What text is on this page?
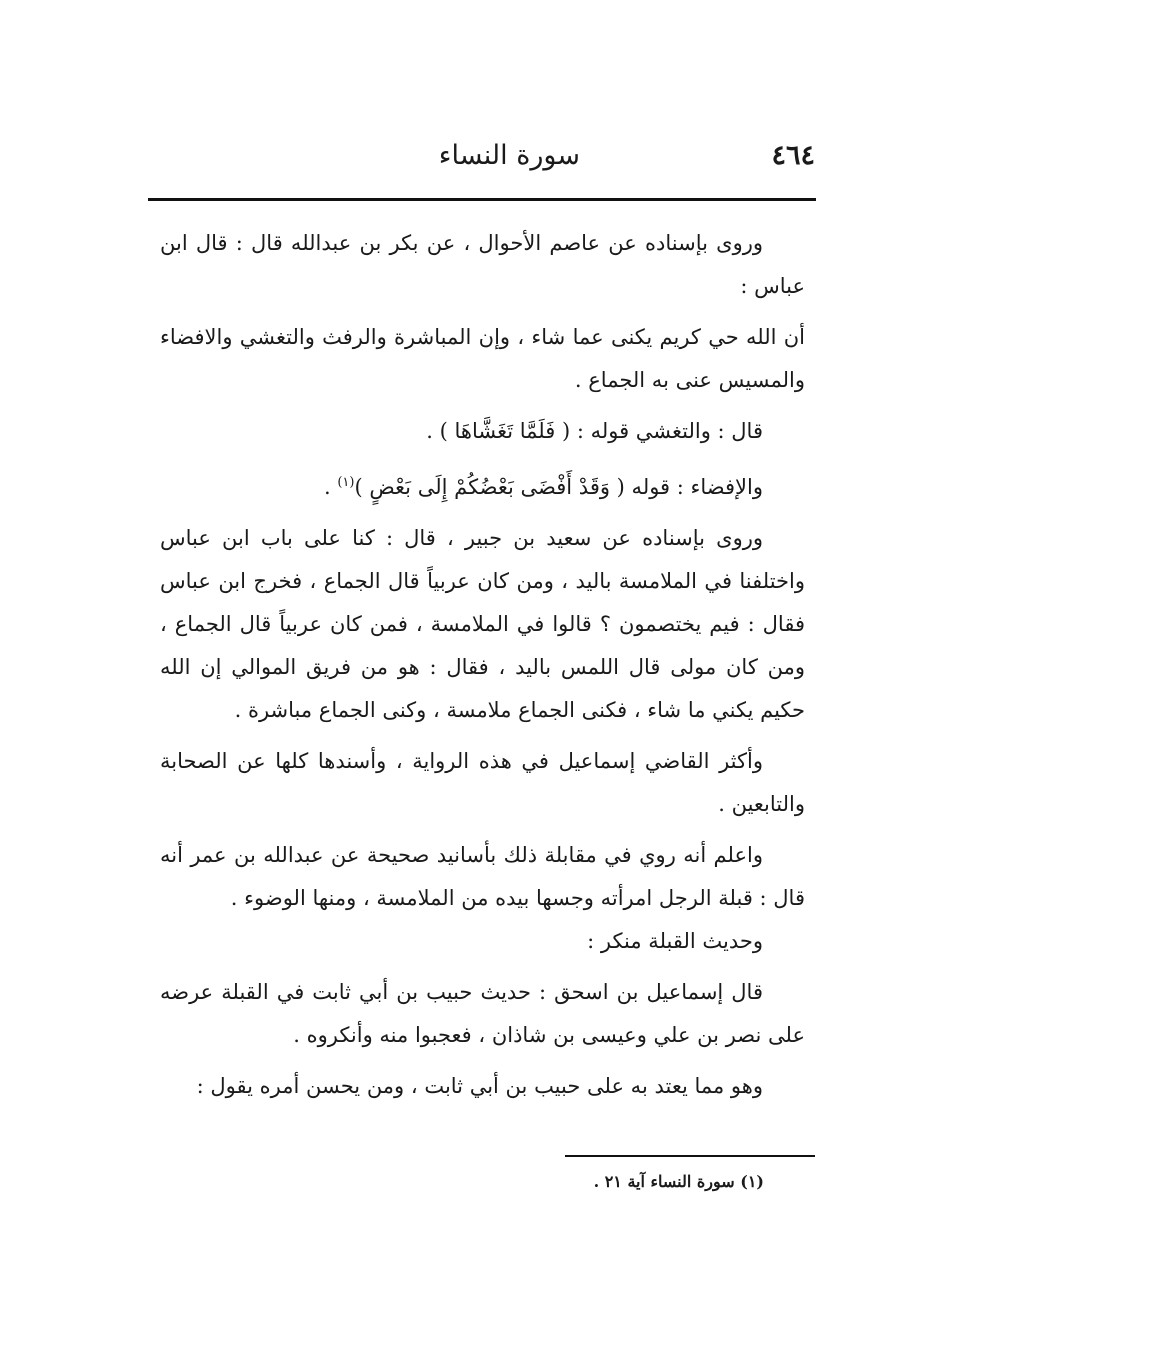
٤٦٤
سورة النساء

وروى بإسناده عن عاصم الأحوال ، عن بكر بن عبدالله قال : قال ابن عباس :

أن الله حي كريم يكنى عما شاء ، وإن المباشرة والرفث والتغشي والافضاء والمسيس عنى به الجماع .

قال : والتغشي قوله : ( فَلَمَّا تَغَشَّاهَا ) .

والإفضاء : قوله ( وَقَدْ أَفْضَى بَعْضُكُمْ إِلَى بَعْضٍ )$^{(١)}$ .

وروى بإسناده عن سعيد بن جبير ، قال : كنا على باب ابن عباس واختلفنا في الملامسة باليد ، ومن كان عربياً قال الجماع ، فخرج ابن عباس فقال : فيم يختصمون ؟ قالوا في الملامسة ، فمن كان عربياً قال الجماع ، ومن كان مولى قال اللمس باليد ، فقال : هو من فريق الموالي إن الله حكيم يكني ما شاء ، فكنى الجماع ملامسة ، وكنى الجماع مباشرة .

وأكثر القاضي إسماعيل في هذه الرواية ، وأسندها كلها عن الصحابة والتابعين .

واعلم أنه روي في مقابلة ذلك بأسانيد صحيحة عن عبدالله بن عمر أنه قال : قبلة الرجل امرأته وجسها بيده من الملامسة ، ومنها الوضوء .

وحديث القبلة منكر :

قال إسماعيل بن اسحق : حديث حبيب بن أبي ثابت في القبلة عرضه على نصر بن علي وعيسى بن شاذان ، فعجبوا منه وأنكروه .

وهو مما يعتد به على حبيب بن أبي ثابت ، ومن يحسن أمره يقول :

(١) سورة النساء آية ٢١ .
